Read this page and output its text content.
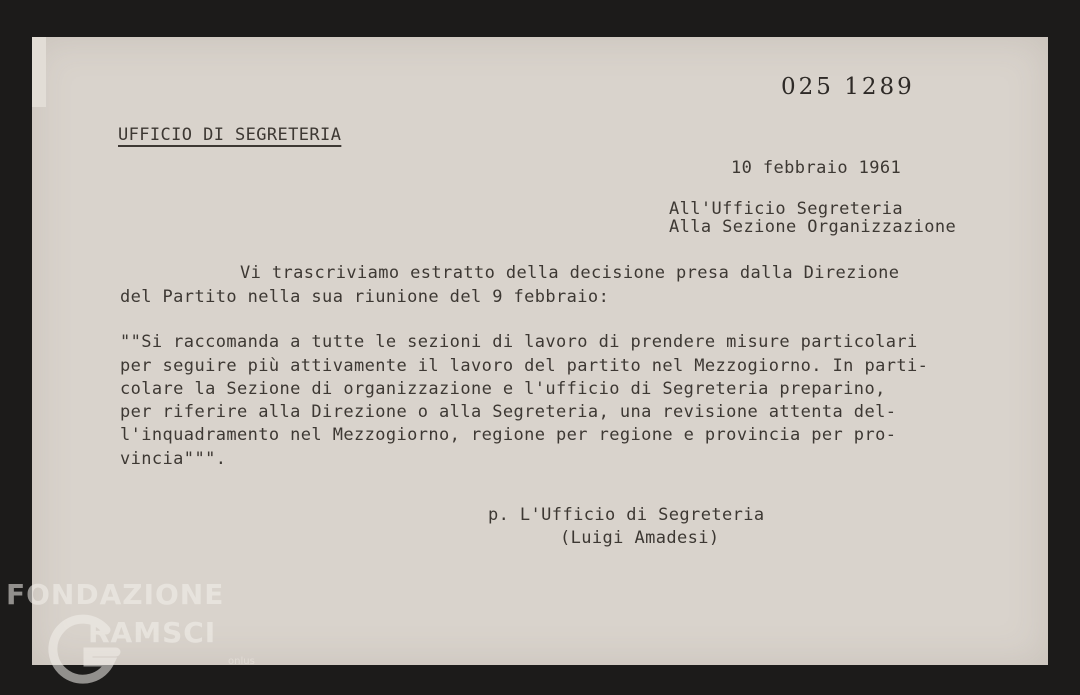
025 1289
UFFICIO DI SEGRETERIA
10 febbraio 1961
All'Ufficio Segreteria
Alla Sezione Organizzazione
Vi trascriviamo estratto della decisione presa dalla Direzione
del Partito nella sua riunione del 9 febbraio:
""Si raccomanda a tutte le sezioni di lavoro di prendere misure particolari
per seguire più attivamente il lavoro del partito nel Mezzogiorno. In parti-
colare la Sezione di organizzazione e l'ufficio di Segreteria preparino,
per riferire alla Direzione o alla Segreteria, una revisione attenta del-
l'inquadramento nel Mezzogiorno, regione per regione e provincia per pro-
vincia""".
p. L'Ufficio di Segreteria
(Luigi Amadesi)
FONDAZIONE
RAMSCI
onlus
